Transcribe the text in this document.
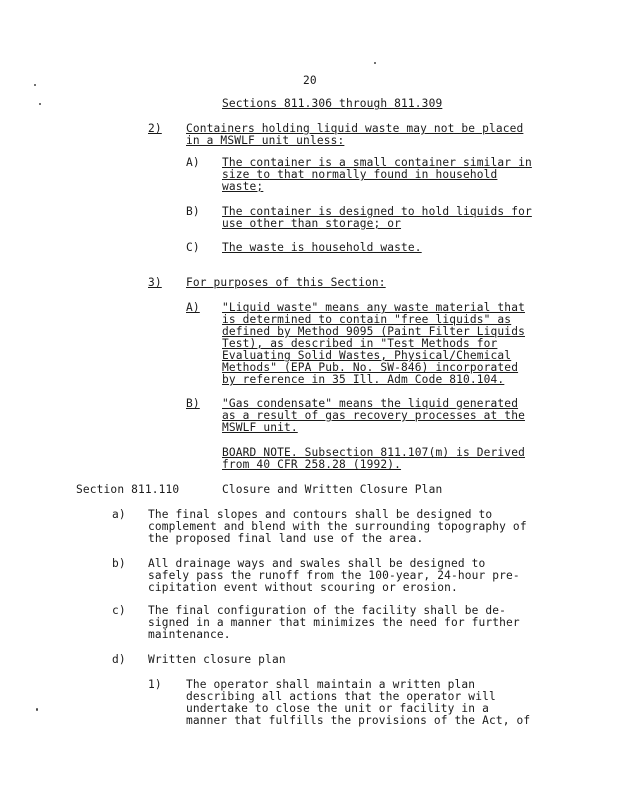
20
Sections 811.306 through 811.309
2) Containers holding liquid waste may not be placed
in a MSWLF unit unless:
A) The container is a small container similar in
size to that normally found in household
waste;
B) The container is designed to hold liquids for
use other than storage; or
C) The waste is household waste.
3) For purposes of this Section:
A) "Liquid waste" means any waste material that
is determined to contain "free liquids" as
defined by Method 9095 (Paint Filter Liquids
Test), as described in "Test Methods for
Evaluating Solid Wastes, Physical/Chemical
Methods" (EPA Pub. No. SW-846) incorporated
by reference in 35 Ill. Adm Code 810.104.
B) "Gas condensate" means the liquid generated
as a result of gas recovery processes at the
MSWLF unit.
BOARD NOTE. Subsection 811.107(m) is Derived
from 40 CFR 258.28 (1992).
Section 811.110	Closure and Written Closure Plan
a) The final slopes and contours shall be designed to
complement and blend with the surrounding topography of
the proposed final land use of the area.
b) All drainage ways and swales shall be designed to
safely pass the runoff from the 100-year, 24-hour pre-
cipitation event without scouring or erosion.
c) The final configuration of the facility shall be de-
signed in a manner that minimizes the need for further
maintenance.
d) Written closure plan
1) The operator shall maintain a written plan
describing all actions that the operator will
undertake to close the unit or facility in a
manner that fulfills the provisions of the Act, of
